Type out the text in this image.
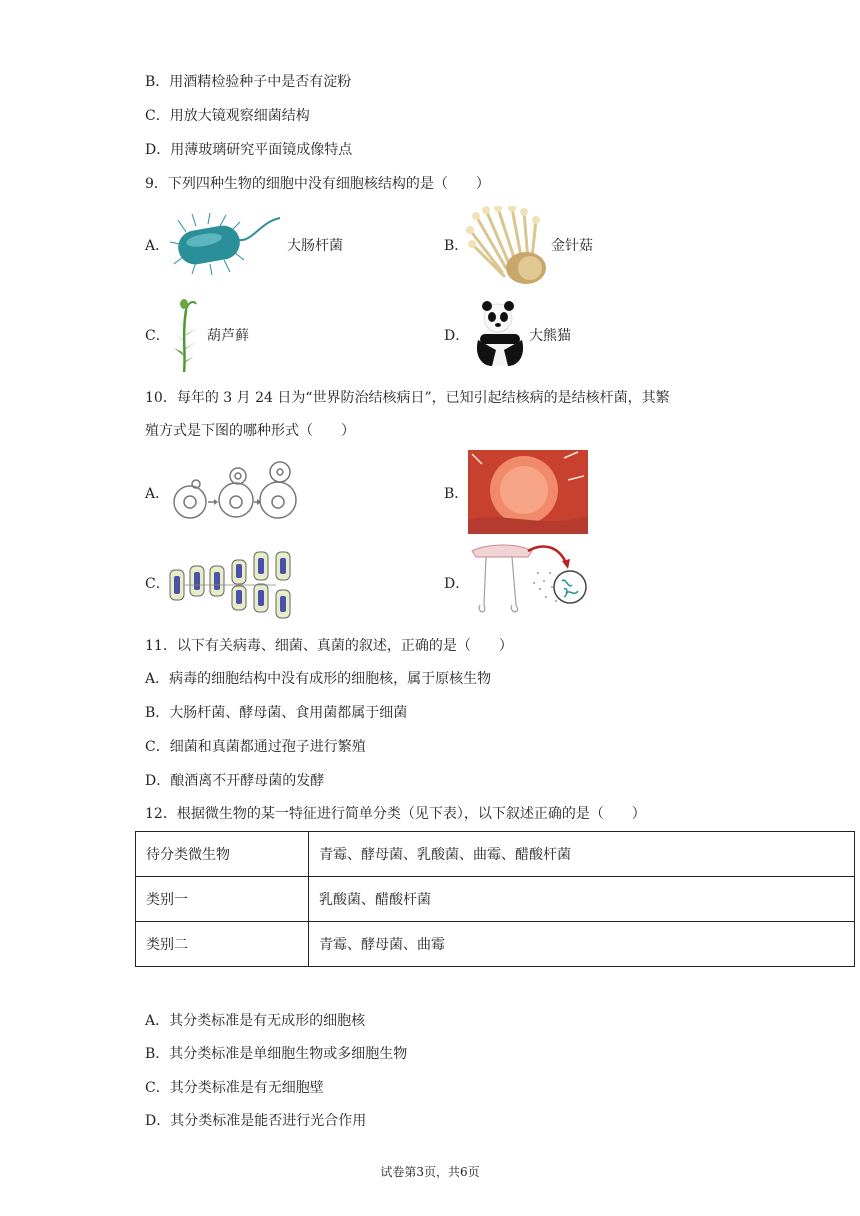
B．用酒精检验种子中是否有淀粉
C．用放大镜观察细菌结构
D．用薄玻璃研究平面镜成像特点
9．下列四种生物的细胞中没有细胞核结构的是（　　）
A．	大肠杆菌	B．	金针菇
C．	葫芦藓	D．	大熊猫
10．每年的 3 月 24 日为“世界防治结核病日”，已知引起结核病的是结核杆菌，其繁
殖方式是下图的哪种形式（　　）
A．	B．
C．	D．
11．以下有关病毒、细菌、真菌的叙述，正确的是（　　）
A．病毒的细胞结构中没有成形的细胞核，属于原核生物
B．大肠杆菌、酵母菌、食用菌都属于细菌
C．细菌和真菌都通过孢子进行繁殖
D．酿酒离不开酵母菌的发酵
12．根据微生物的某一特征进行简单分类（见下表），以下叙述正确的是（　　）
待分类微生物	青霉、酵母菌、乳酸菌、曲霉、醋酸杆菌
类别一	乳酸菌、醋酸杆菌
类别二	青霉、酵母菌、曲霉
A．其分类标准是有无成形的细胞核
B．其分类标准是单细胞生物或多细胞生物
C．其分类标准是有无细胞壁
D．其分类标准是能否进行光合作用
试卷第3页，共6页
